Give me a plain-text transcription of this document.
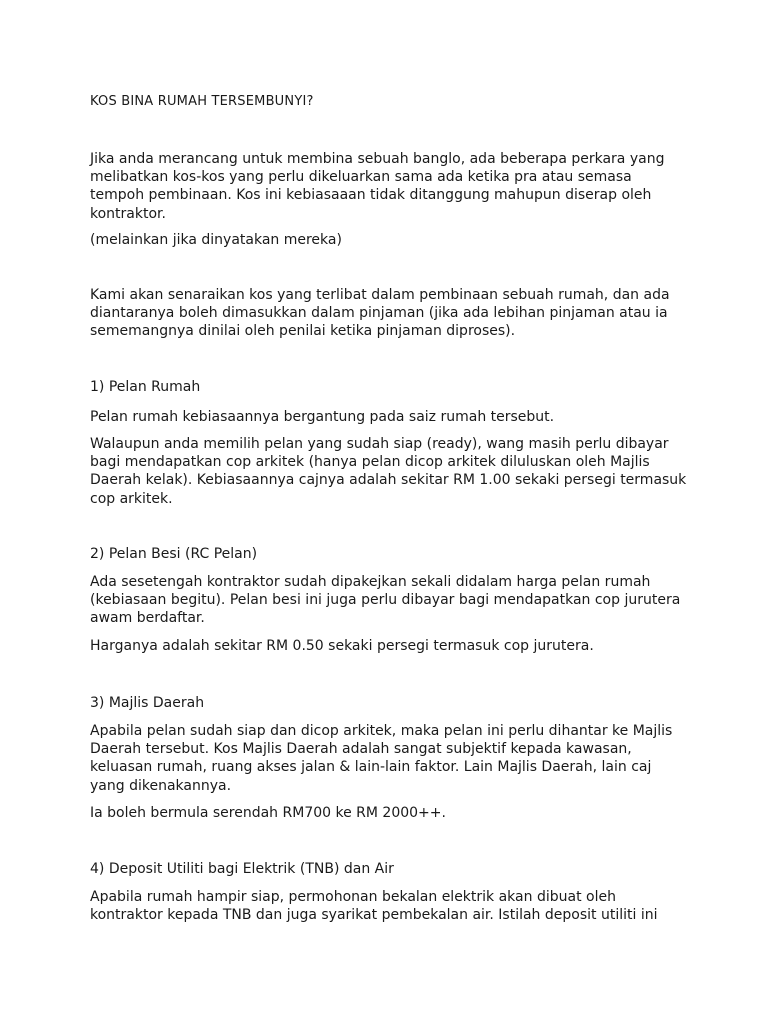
KOS BINA RUMAH TERSEMBUNYI?

Jika anda merancang untuk membina sebuah banglo, ada beberapa perkara yang melibatkan kos-kos yang perlu dikeluarkan sama ada ketika pra atau semasa tempoh pembinaan. Kos ini kebiasaaan tidak ditanggung mahupun diserap oleh kontraktor.

(melainkan jika dinyatakan mereka)

Kami akan senaraikan kos yang terlibat dalam pembinaan sebuah rumah, dan ada diantaranya boleh dimasukkan dalam pinjaman (jika ada lebihan pinjaman atau ia sememangnya dinilai oleh penilai ketika pinjaman diproses).

1) Pelan Rumah

Pelan rumah kebiasaannya bergantung pada saiz rumah tersebut.

Walaupun anda memilih pelan yang sudah siap (ready), wang masih perlu dibayar bagi mendapatkan cop arkitek (hanya pelan dicop arkitek diluluskan oleh Majlis Daerah kelak). Kebiasaannya cajnya adalah sekitar RM 1.00 sekaki persegi termasuk cop arkitek.

2) Pelan Besi (RC Pelan)

Ada sesetengah kontraktor sudah dipakejkan sekali didalam harga pelan rumah (kebiasaan begitu). Pelan besi ini juga perlu dibayar bagi mendapatkan cop jurutera awam berdaftar.

Harganya adalah sekitar RM 0.50 sekaki persegi termasuk cop jurutera.

3) Majlis Daerah

Apabila pelan sudah siap dan dicop arkitek, maka pelan ini perlu dihantar ke Majlis Daerah tersebut. Kos Majlis Daerah adalah sangat subjektif kepada kawasan, keluasan rumah, ruang akses jalan & lain-lain faktor. Lain Majlis Daerah, lain caj yang dikenakannya.

Ia boleh bermula serendah RM700 ke RM 2000++.

4) Deposit Utiliti bagi Elektrik (TNB) dan Air

Apabila rumah hampir siap, permohonan bekalan elektrik akan dibuat oleh kontraktor kepada TNB dan juga syarikat pembekalan air. Istilah deposit utiliti ini
